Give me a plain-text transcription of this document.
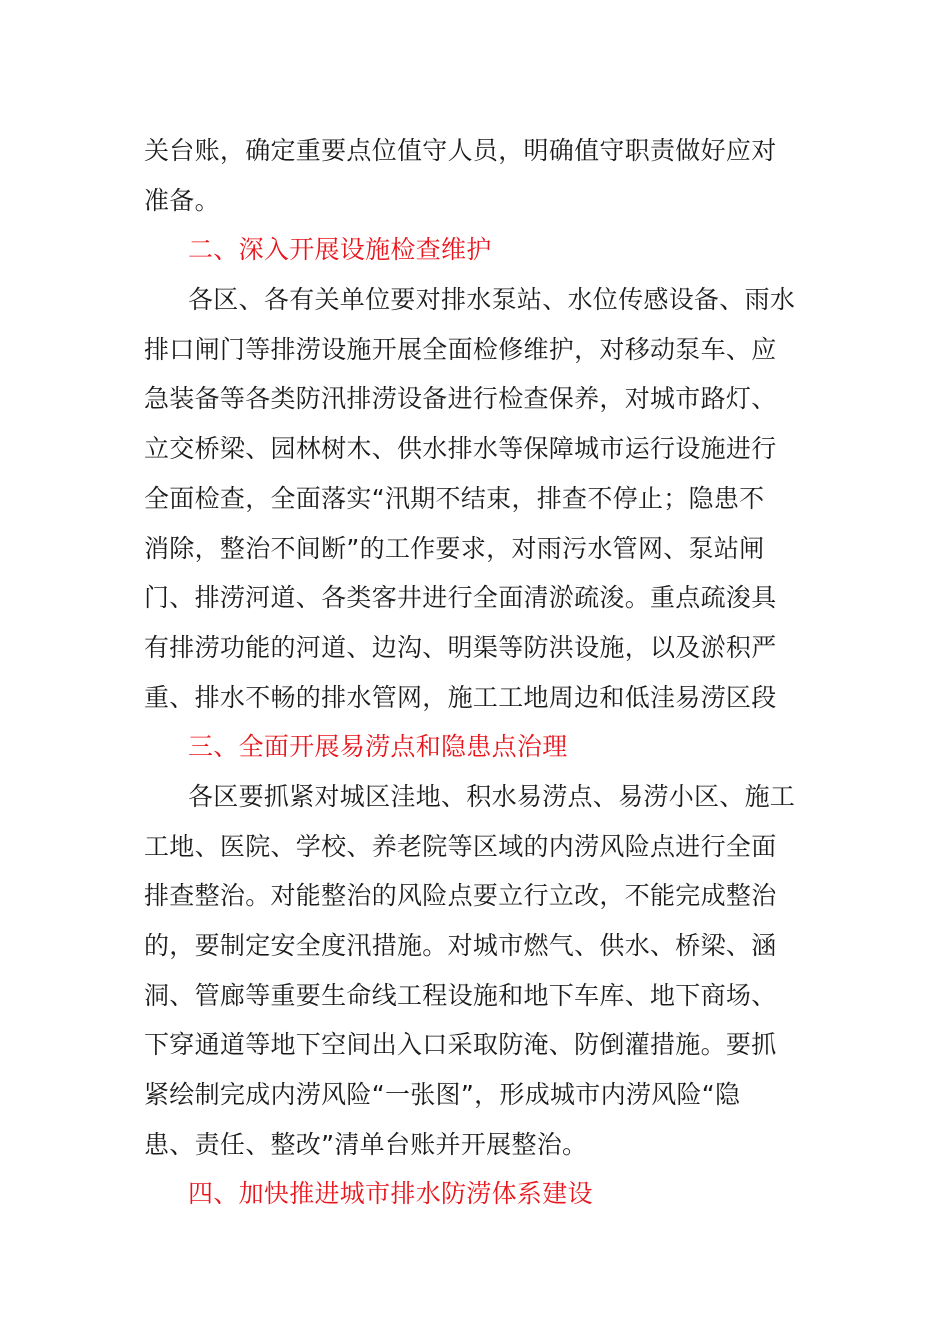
关台账，确定重要点位值守人员，明确值守职责做好应对
准备。
二、深入开展设施检查维护
各区、各有关单位要对排水泵站、水位传感设备、雨水
排口闸门等排涝设施开展全面检修维护，对移动泵车、应
急装备等各类防汛排涝设备进行检查保养，对城市路灯、
立交桥梁、园林树木、供水排水等保障城市运行设施进行
全面检查，全面落实“汛期不结束，排查不停止；隐患不
消除，整治不间断”的工作要求，对雨污水管网、泵站闸
门、排涝河道、各类客井进行全面清淤疏浚。重点疏浚具
有排涝功能的河道、边沟、明渠等防洪设施，以及淤积严
重、排水不畅的排水管网，施工工地周边和低洼易涝区段
三、全面开展易涝点和隐患点治理
各区要抓紧对城区洼地、积水易涝点、易涝小区、施工
工地、医院、学校、养老院等区域的内涝风险点进行全面
排查整治。对能整治的风险点要立行立改，不能完成整治
的，要制定安全度汛措施。对城市燃气、供水、桥梁、涵
洞、管廊等重要生命线工程设施和地下车库、地下商场、
下穿通道等地下空间出入口采取防淹、防倒灌措施。要抓
紧绘制完成内涝风险“一张图”，形成城市内涝风险“隐
患、责任、整改”清单台账并开展整治。
四、加快推进城市排水防涝体系建设
